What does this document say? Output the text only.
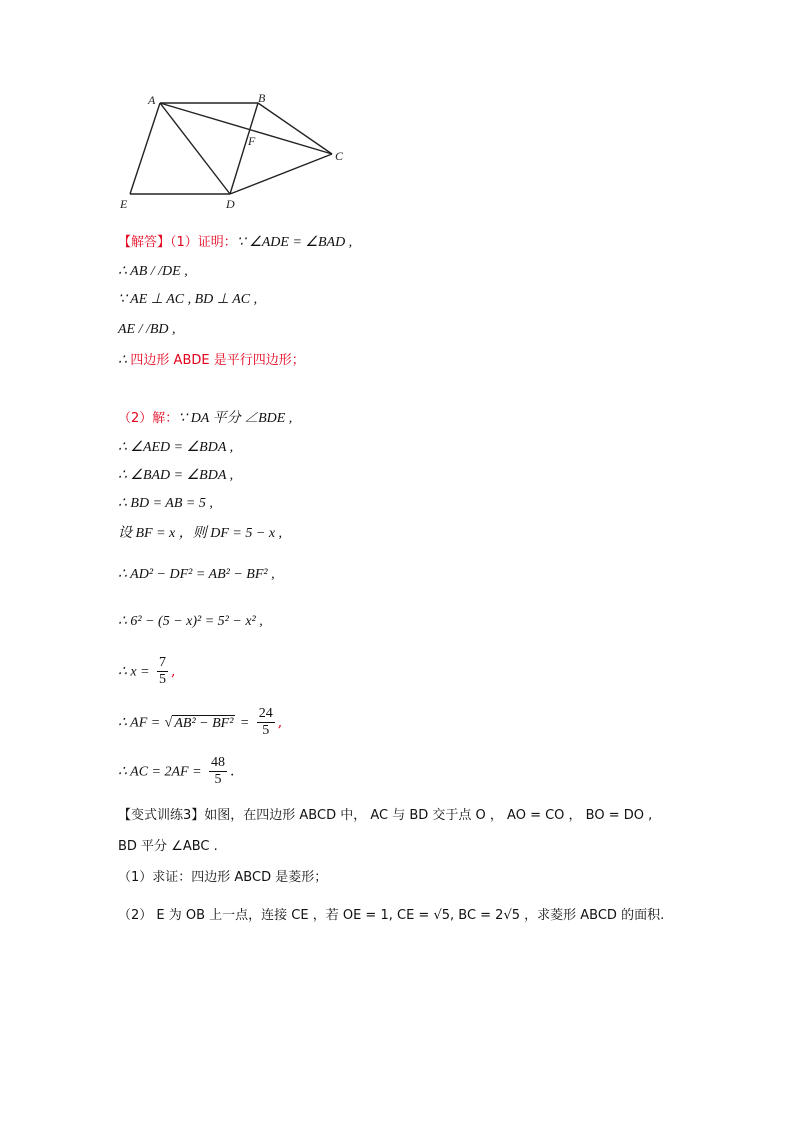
A	B
C
D
E
F
【解答】（1）证明：∵ ∠ADE = ∠BAD ,
∴ AB / /DE ,
∵ AE ⊥ AC , BD ⊥ AC ,
AE / /BD ,
∴ 四边形 ABDE 是平行四边形；
（2）解：∵ DA 平分 ∠BDE ,
∴ ∠AED = ∠BDA ,
∴ ∠BAD = ∠BDA ,
∴ BD = AB = 5 ,
设 BF = x ，则 DF = 5 − x ,
∴ AD² − DF² = AB² − BF² ,
∴ 6² − (5 − x)² = 5² − x² ,
∴ $x = \frac{7}{5}$ ,
∴ AF = √ $AB^2 - BF^2 = \frac{24}{5}$ ,
∴ AC = $2AF = \frac{48}{5}$ .
【变式训练3】如图，在四边形 ABCD 中， AC 与 BD 交于点 O ， AO = CO ， BO = DO ,
BD 平分 ∠ABC .
（1）求证：四边形 ABCD 是菱形；
（2） E 为 OB 上一点，连接 CE ，若 OE = 1, CE = √5, BC = 2√5 ，求菱形 ABCD 的面积.
